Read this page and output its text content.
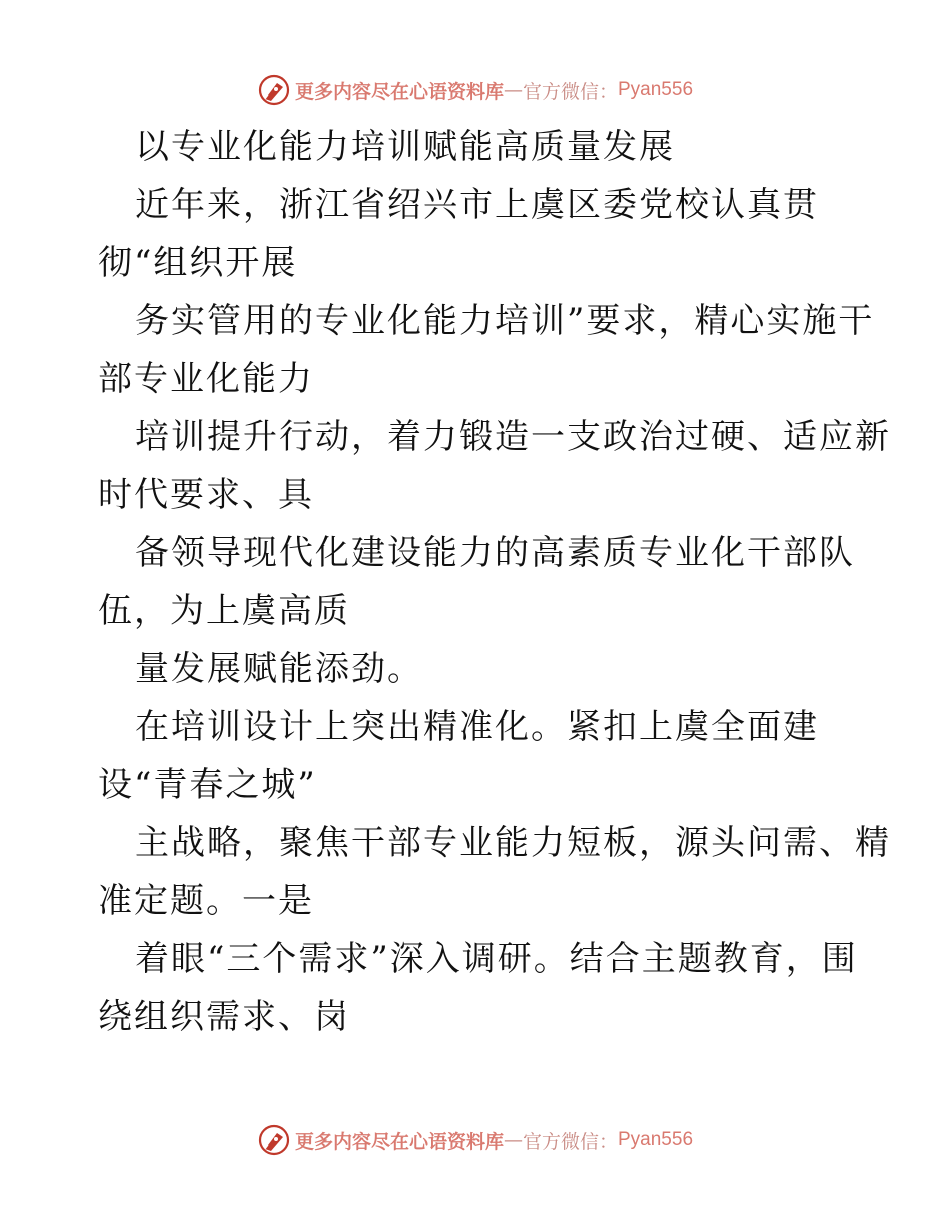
更多内容尽在心语资料库 — 官方微信： Pyan556
以专业化能力培训赋能高质量发展
近年来，浙江省绍兴市上虞区委党校认真贯
彻“组织开展
务实管用的专业化能力培训”要求，精心实施干
部专业化能力
培训提升行动，着力锻造一支政治过硬、适应新
时代要求、具
备领导现代化建设能力的高素质专业化干部队
伍，为上虞高质
量发展赋能添劲。
在培训设计上突出精准化。紧扣上虞全面建
设“青春之城”
主战略，聚焦干部专业能力短板，源头问需、精
准定题。一是
着眼“三个需求”深入调研。结合主题教育，围
绕组织需求、岗
更多内容尽在心语资料库 — 官方微信： Pyan556
